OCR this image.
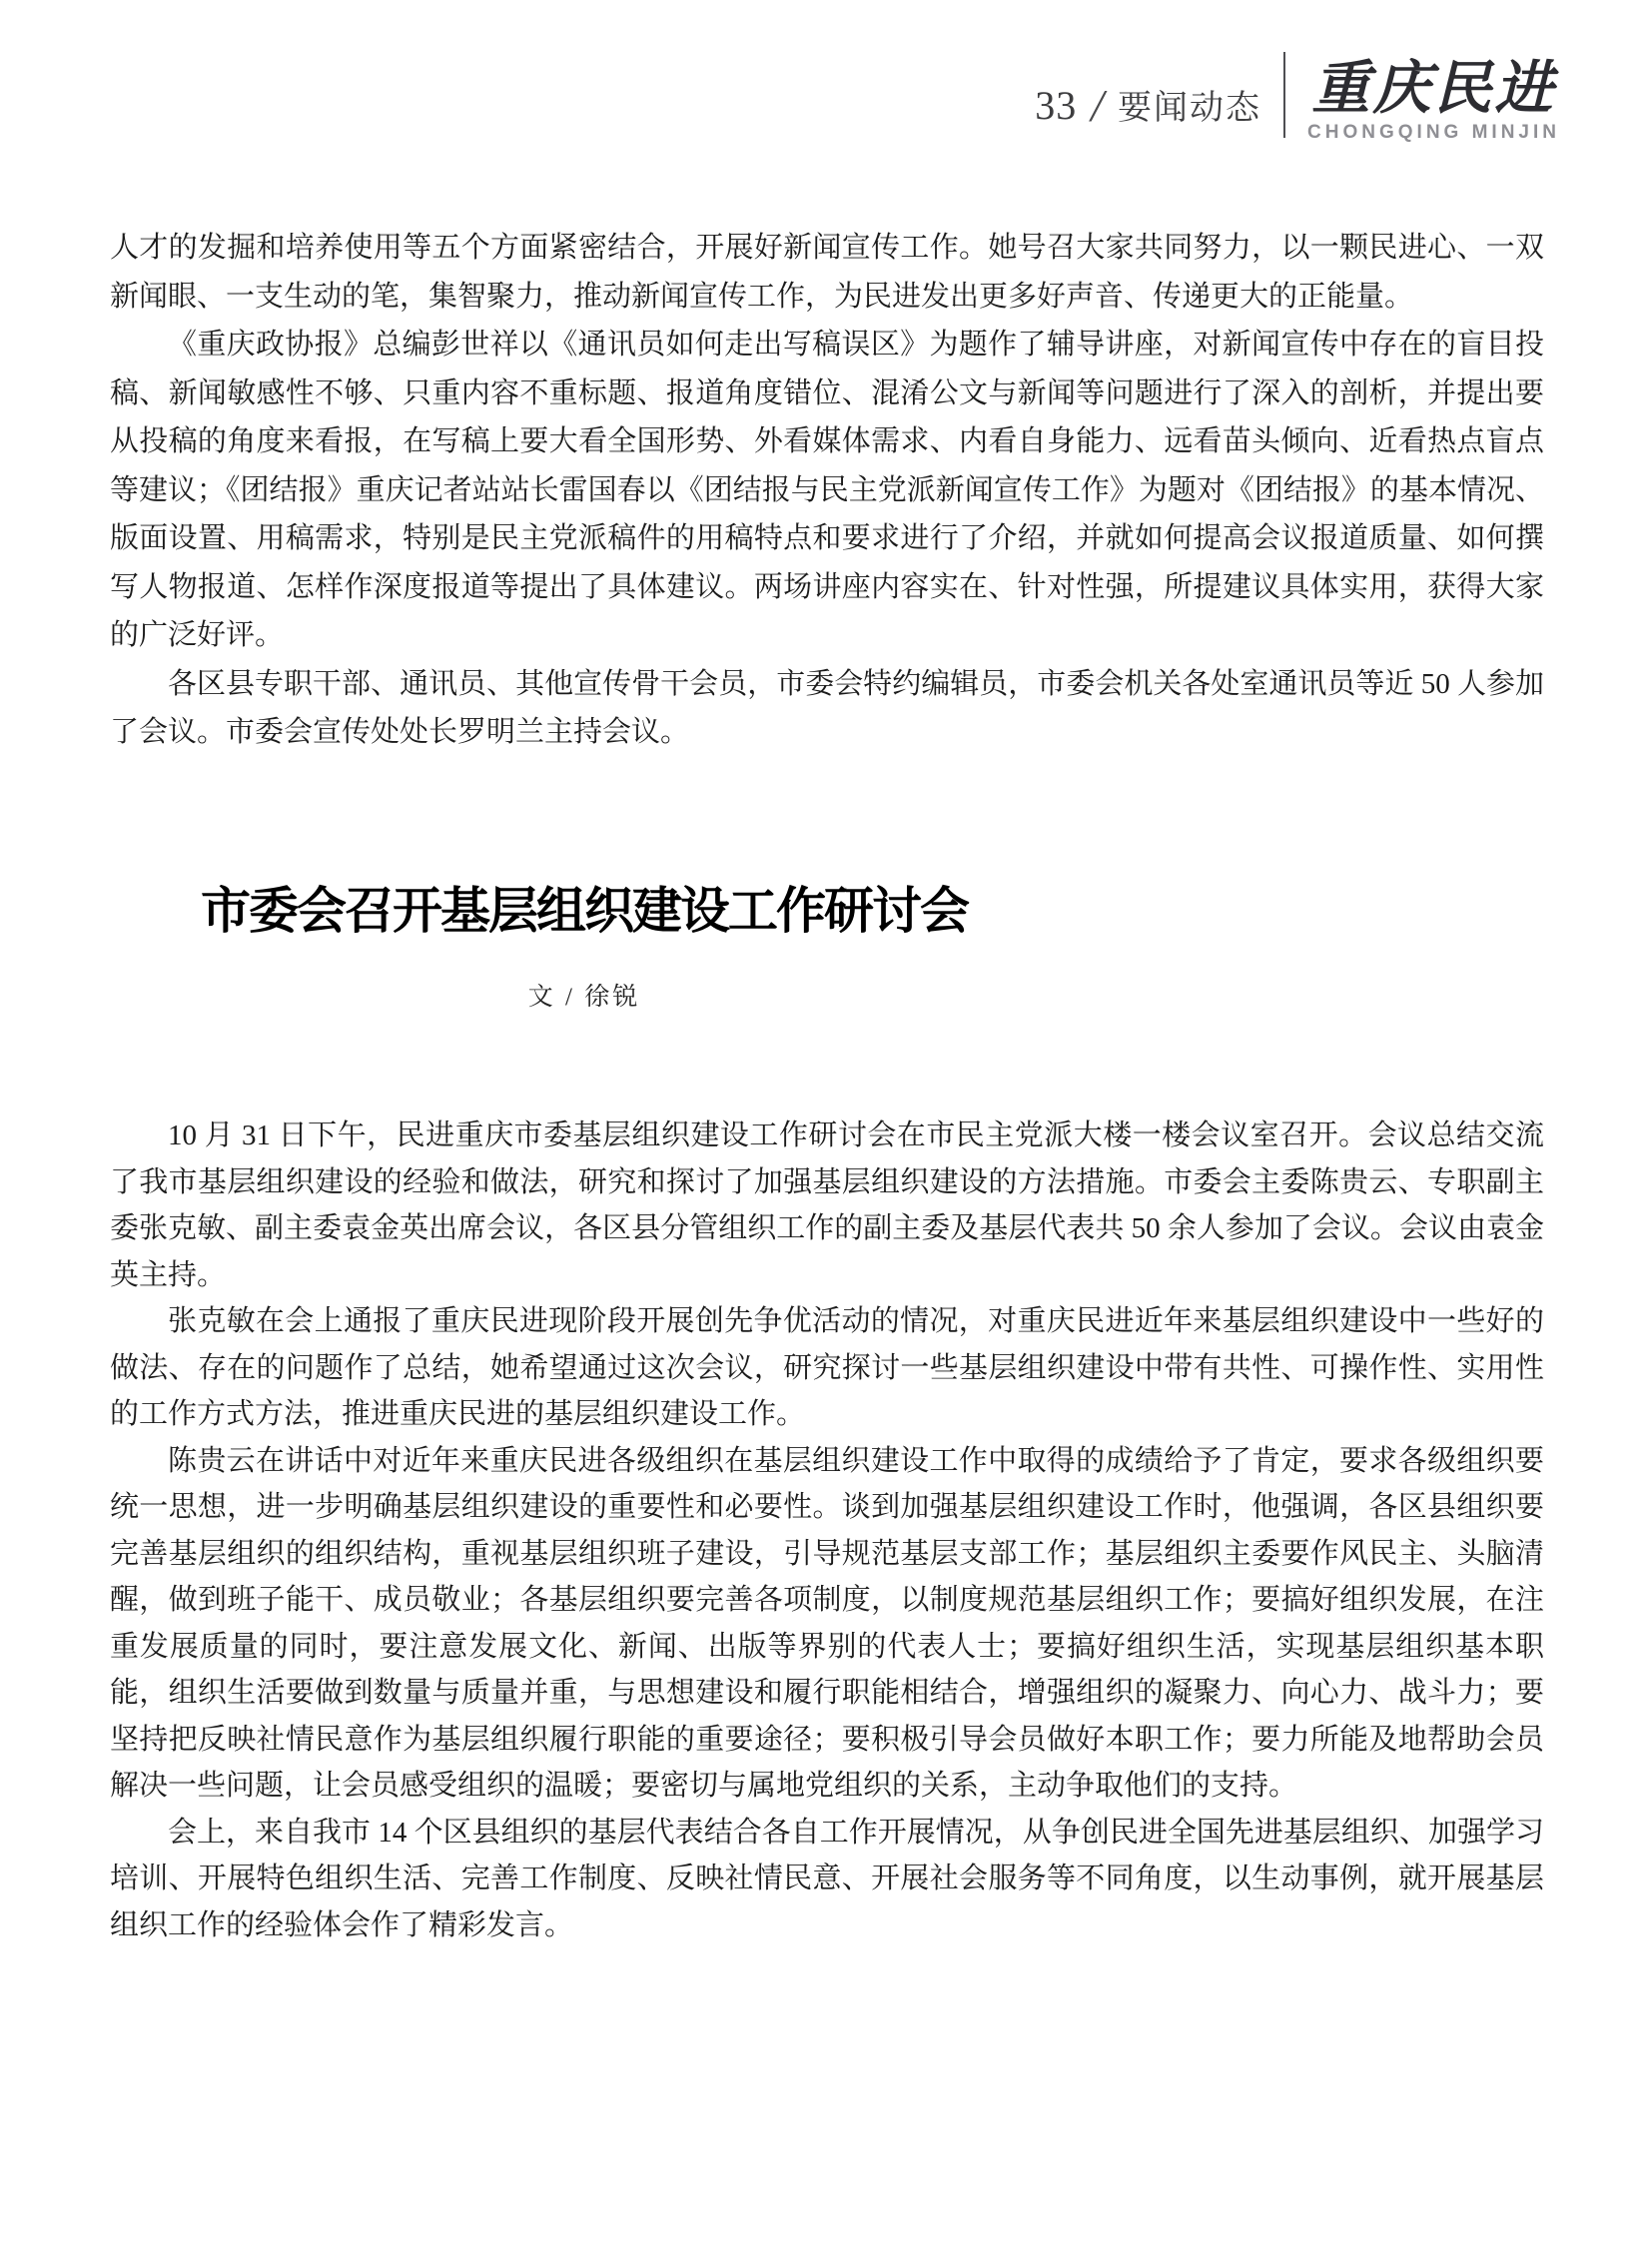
33 / 要闻动态 重庆民进
CHONGQING MINJIN

人才的发掘和培养使用等五个方面紧密结合，开展好新闻宣传工作。她号召大家共同努力，以一颗民进心、一双新闻眼、一支生动的笔，集智聚力，推动新闻宣传工作，为民进发出更多好声音、传递更大的正能量。

《重庆政协报》总编彭世祥以《通讯员如何走出写稿误区》为题作了辅导讲座，对新闻宣传中存在的盲目投稿、新闻敏感性不够、只重内容不重标题、报道角度错位、混淆公文与新闻等问题进行了深入的剖析，并提出要从投稿的角度来看报，在写稿上要大看全国形势、外看媒体需求、内看自身能力、远看苗头倾向、近看热点盲点等建议；《团结报》重庆记者站站长雷国春以《团结报与民主党派新闻宣传工作》为题对《团结报》的基本情况、版面设置、用稿需求，特别是民主党派稿件的用稿特点和要求进行了介绍，并就如何提高会议报道质量、如何撰写人物报道、怎样作深度报道等提出了具体建议。两场讲座内容实在、针对性强，所提建议具体实用，获得大家的广泛好评。

各区县专职干部、通讯员、其他宣传骨干会员，市委会特约编辑员，市委会机关各处室通讯员等近 50 人参加了会议。市委会宣传处处长罗明兰主持会议。

市委会召开基层组织建设工作研讨会
文 / 徐锐

10 月 31 日下午，民进重庆市委基层组织建设工作研讨会在市民主党派大楼一楼会议室召开。会议总结交流了我市基层组织建设的经验和做法，研究和探讨了加强基层组织建设的方法措施。市委会主委陈贵云、专职副主委张克敏、副主委袁金英出席会议，各区县分管组织工作的副主委及基层代表共 50 余人参加了会议。会议由袁金英主持。

张克敏在会上通报了重庆民进现阶段开展创先争优活动的情况，对重庆民进近年来基层组织建设中一些好的做法、存在的问题作了总结，她希望通过这次会议，研究探讨一些基层组织建设中带有共性、可操作性、实用性的工作方式方法，推进重庆民进的基层组织建设工作。

陈贵云在讲话中对近年来重庆民进各级组织在基层组织建设工作中取得的成绩给予了肯定，要求各级组织要统一思想，进一步明确基层组织建设的重要性和必要性。谈到加强基层组织建设工作时，他强调，各区县组织要完善基层组织的组织结构，重视基层组织班子建设，引导规范基层支部工作；基层组织主委要作风民主、头脑清醒，做到班子能干、成员敬业；各基层组织要完善各项制度，以制度规范基层组织工作；要搞好组织发展，在注重发展质量的同时，要注意发展文化、新闻、出版等界别的代表人士；要搞好组织生活，实现基层组织基本职能，组织生活要做到数量与质量并重，与思想建设和履行职能相结合，增强组织的凝聚力、向心力、战斗力；要坚持把反映社情民意作为基层组织履行职能的重要途径；要积极引导会员做好本职工作；要力所能及地帮助会员解决一些问题，让会员感受组织的温暖；要密切与属地党组织的关系，主动争取他们的支持。

会上，来自我市 14 个区县组织的基层代表结合各自工作开展情况，从争创民进全国先进基层组织、加强学习培训、开展特色组织生活、完善工作制度、反映社情民意、开展社会服务等不同角度，以生动事例，就开展基层组织工作的经验体会作了精彩发言。
